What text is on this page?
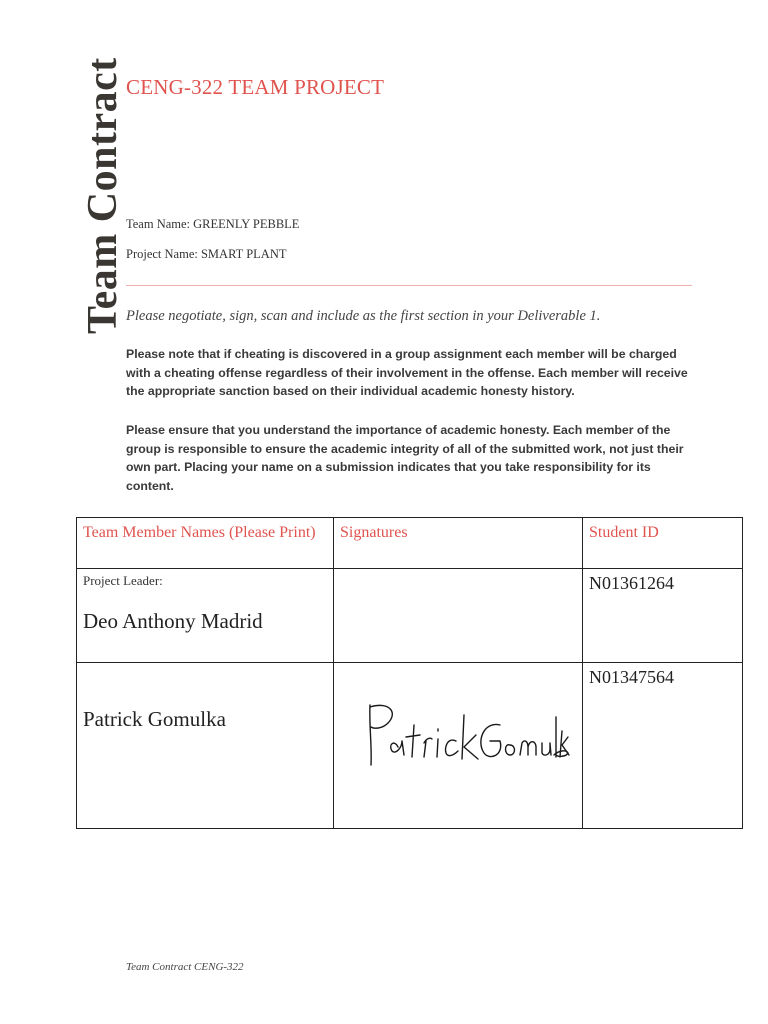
Team Contract CENG-322 TEAM PROJECT
Team Name: GREENLY PEBBLE
Project Name: SMART PLANT
Please negotiate, sign, scan and include as the first section in your Deliverable 1.
Please note that if cheating is discovered in a group assignment each member will be charged with a cheating offense regardless of their involvement in the offense. Each member will receive the appropriate sanction based on their individual academic honesty history.
Please ensure that you understand the importance of academic honesty. Each member of the group is responsible to ensure the academic integrity of all of the submitted work, not just their own part. Placing your name on a submission indicates that you take responsibility for its content.
Team Member Names (Please Print)	Signatures	Student ID

Project Leader:
Deo Anthony Madrid		N01361264

Patrick Gomulka		N01347564
Team Contract CENG-322
